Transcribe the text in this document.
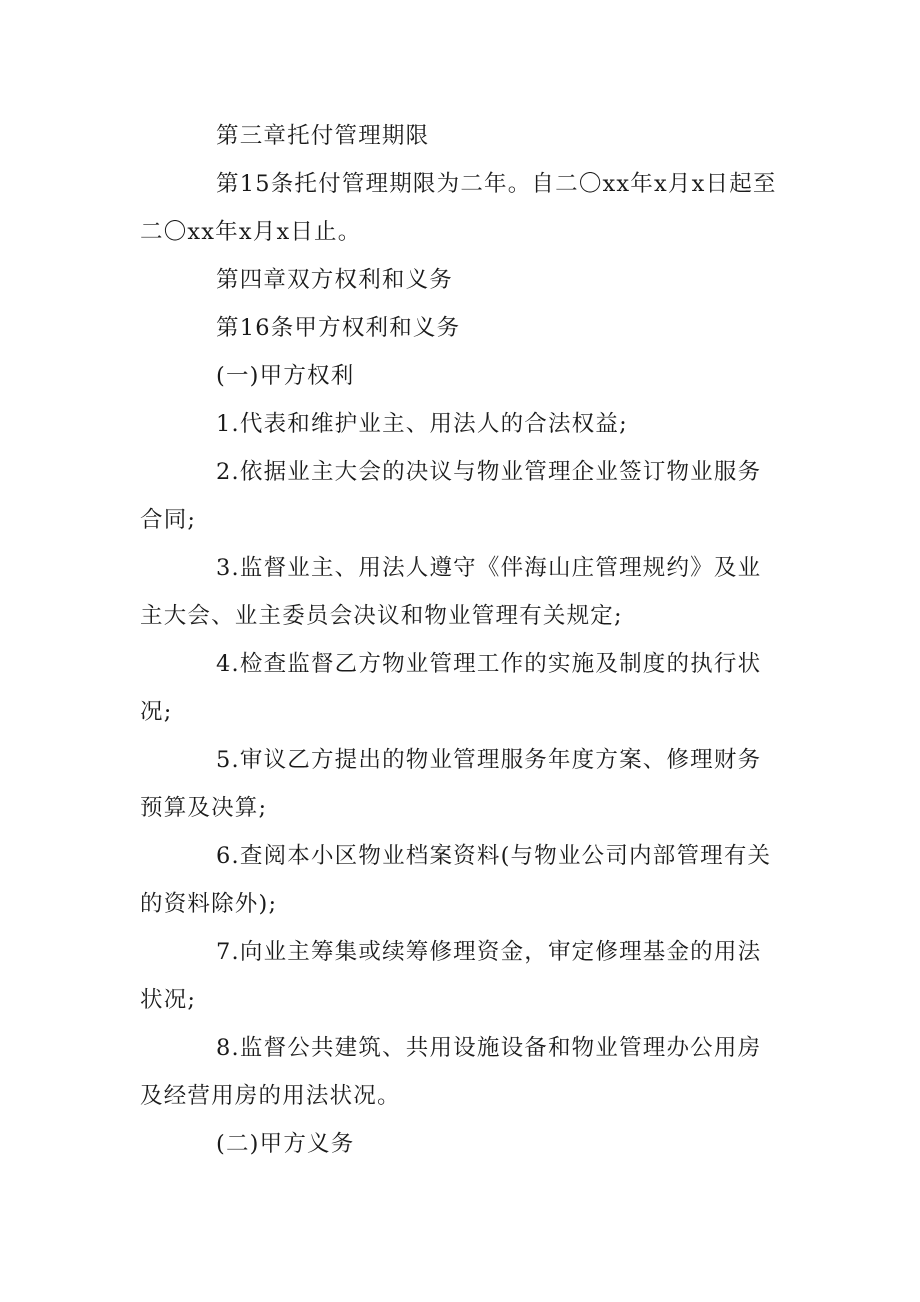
第三章托付管理期限

第15条托付管理期限为二年。自二〇xx年x月x日起至二〇xx年x月x日止。

第四章双方权利和义务

第16条甲方权利和义务

(一)甲方权利

1.代表和维护业主、用法人的合法权益;

2.依据业主大会的决议与物业管理企业签订物业服务合同;

3.监督业主、用法人遵守《伴海山庄管理规约》及业主大会、业主委员会决议和物业管理有关规定;

4.检查监督乙方物业管理工作的实施及制度的执行状况;

5.审议乙方提出的物业管理服务年度方案、修理财务预算及决算;

6.查阅本小区物业档案资料(与物业公司内部管理有关的资料除外);

7.向业主筹集或续筹修理资金，审定修理基金的用法状况;

8.监督公共建筑、共用设施设备和物业管理办公用房及经营用房的用法状况。

(二)甲方义务
